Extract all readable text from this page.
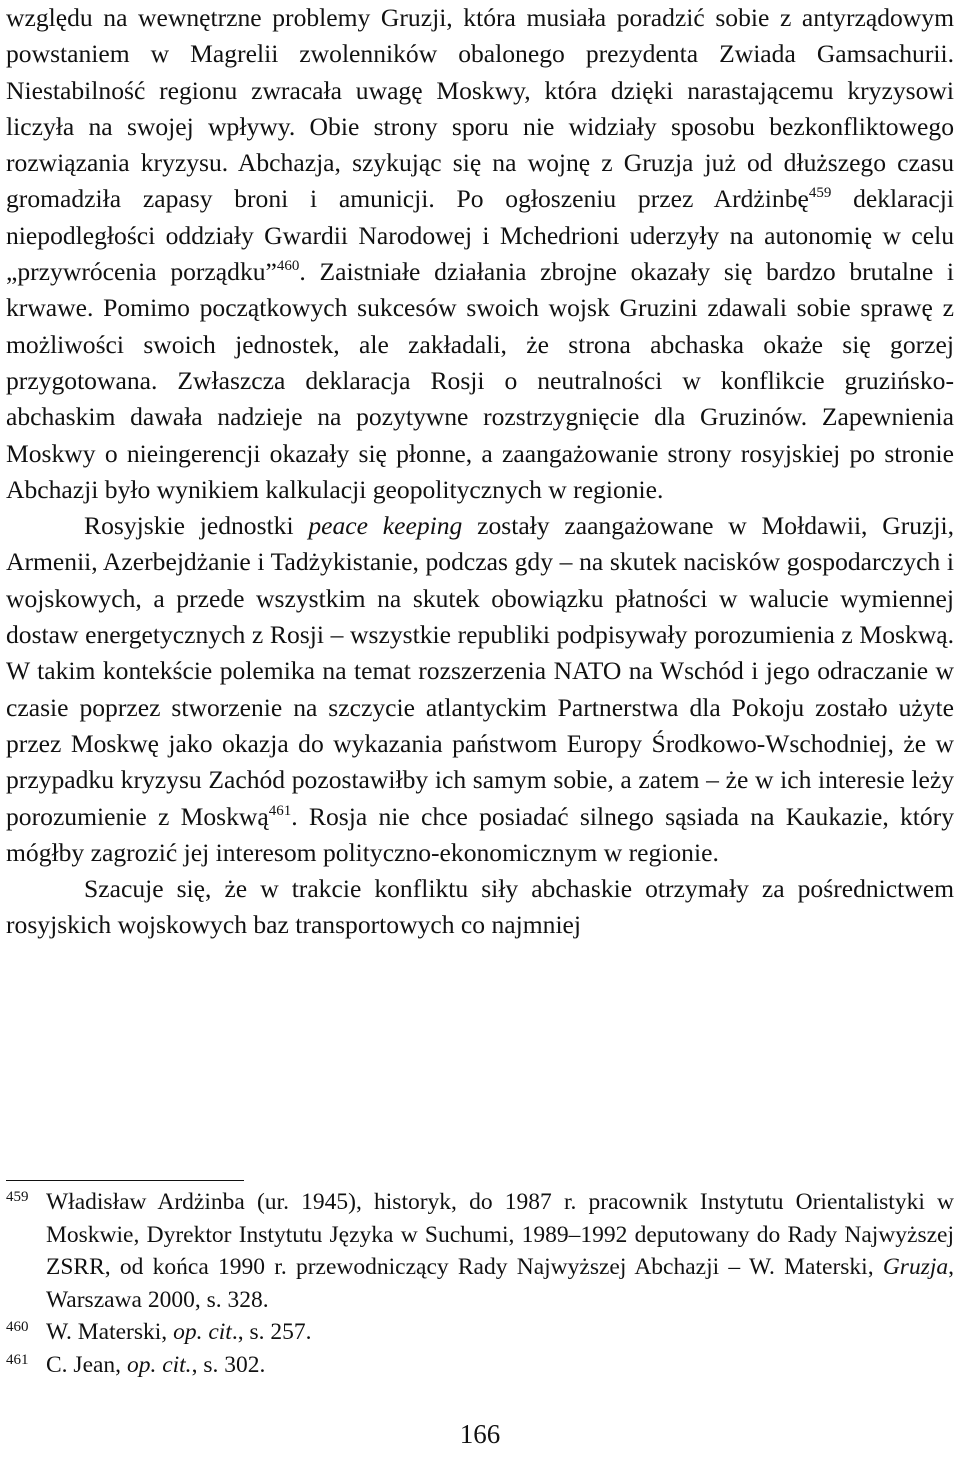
względu na wewnętrzne problemy Gruzji, która musiała poradzić sobie z antyrządowym powstaniem w Magrelii zwolenników obalonego prezydenta Zwiada Gamsachurii. Niestabilność regionu zwracała uwagę Moskwy, która dzięki narastającemu kryzysowi liczyła na swojej wpływy. Obie strony sporu nie widziały sposobu bezkonfliktowego rozwiązania kryzysu. Abchazja, szykując się na wojnę z Gruzja już od dłuższego czasu gromadziła zapasy broni i amunicji. Po ogłoszeniu przez Ardżinbę$^{459}$ deklaracji niepodległości oddziały Gwardii Narodowej i Mchedrioni uderzyły na autonomię w celu „przywrócenia porządku”$^{460}$. Zaistniałe działania zbrojne okazały się bardzo brutalne i krwawe. Pomimo początkowych sukcesów swoich wojsk Gruzini zdawali sobie sprawę z możliwości swoich jednostek, ale zakładali, że strona abchaska okaże się gorzej przygotowana. Zwłaszcza deklaracja Rosji o neutralności w konflikcie gruzińsko-abchaskim dawała nadzieje na pozytywne rozstrzygnięcie dla Gruzinów. Zapewnienia Moskwy o nieingerencji okazały się płonne, a zaangażowanie strony rosyjskiej po stronie Abchazji było wynikiem kalkulacji geopolitycznych w regionie.

Rosyjskie jednostki peace keeping zostały zaangażowane w Mołdawii, Gruzji, Armenii, Azerbejdżanie i Tadżykistanie, podczas gdy – na skutek nacisków gospodarczych i wojskowych, a przede wszystkim na skutek obowiązku płatności w walucie wymiennej dostaw energetycznych z Rosji – wszystkie republiki podpisywały porozumienia z Moskwą. W takim kontekście polemika na temat rozszerzenia NATO na Wschód i jego odraczanie w czasie poprzez stworzenie na szczycie atlantyckim Partnerstwa dla Pokoju zostało użyte przez Moskwę jako okazja do wykazania państwom Europy Środkowo-Wschodniej, że w przypadku kryzysu Zachód pozostawiłby ich samym sobie, a zatem – że w ich interesie leży porozumienie z Moskwą$^{461}$. Rosja nie chce posiadać silnego sąsiada na Kaukazie, który mógłby zagrozić jej interesom polityczno-ekonomicznym w regionie.

Szacuje się, że w trakcie konfliktu siły abchaskie otrzymały za pośrednictwem rosyjskich wojskowych baz transportowych co najmniej

459 Władisław Ardżinba (ur. 1945), historyk, do 1987 r. pracownik Instytutu Orientalistyki w Moskwie, Dyrektor Instytutu Języka w Suchumi, 1989–1992 deputowany do Rady Najwyższej ZSRR, od końca 1990 r. przewodniczący Rady Najwyższej Abchazji – W. Materski, Gruzja, Warszawa 2000, s. 328.
460 W. Materski, op. cit., s. 257.
461 C. Jean, op. cit., s. 302.
166
